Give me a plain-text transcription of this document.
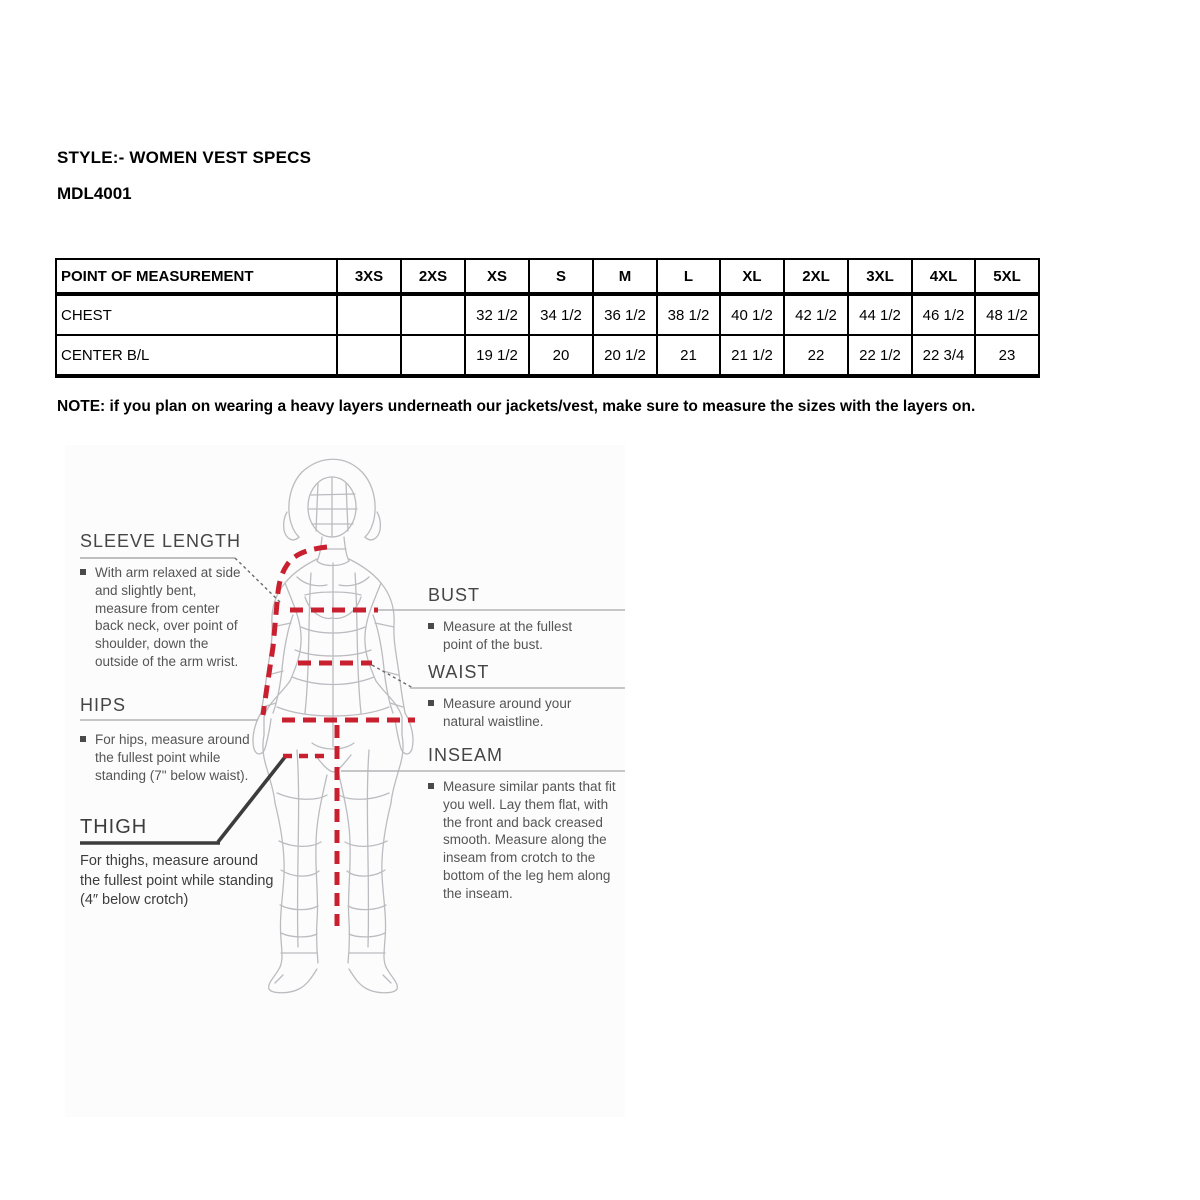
STYLE:- WOMEN VEST SPECS
MDL4001
POINT OF MEASUREMENT	3XS	2XS	XS	S	M	L	XL	2XL	3XL	4XL	5XL
CHEST			32 1/2	34 1/2	36 1/2	38 1/2	40 1/2	42 1/2	44 1/2	46 1/2	48 1/2
CENTER B/L			19 1/2	20	20 1/2	21	21 1/2	22	22 1/2	22 3/4	23
NOTE: if you plan on wearing a heavy layers underneath our jackets/vest, make sure to measure the sizes with the layers on.
SLEEVE LENGTH
With arm relaxed at side and slightly bent, measure from center back neck, over point of shoulder, down the outside of the arm wrist.
HIPS
For hips, measure around the fullest point while standing (7" below waist).
THIGH
For thighs, measure around the fullest point while standing (4″ below crotch)
BUST
Measure at the fullest point of the bust.
WAIST
Measure around your natural waistline.
INSEAM
Measure similar pants that fit you well. Lay them flat, with the front and back creased smooth. Measure along the inseam from crotch to the bottom of the leg hem along the inseam.
